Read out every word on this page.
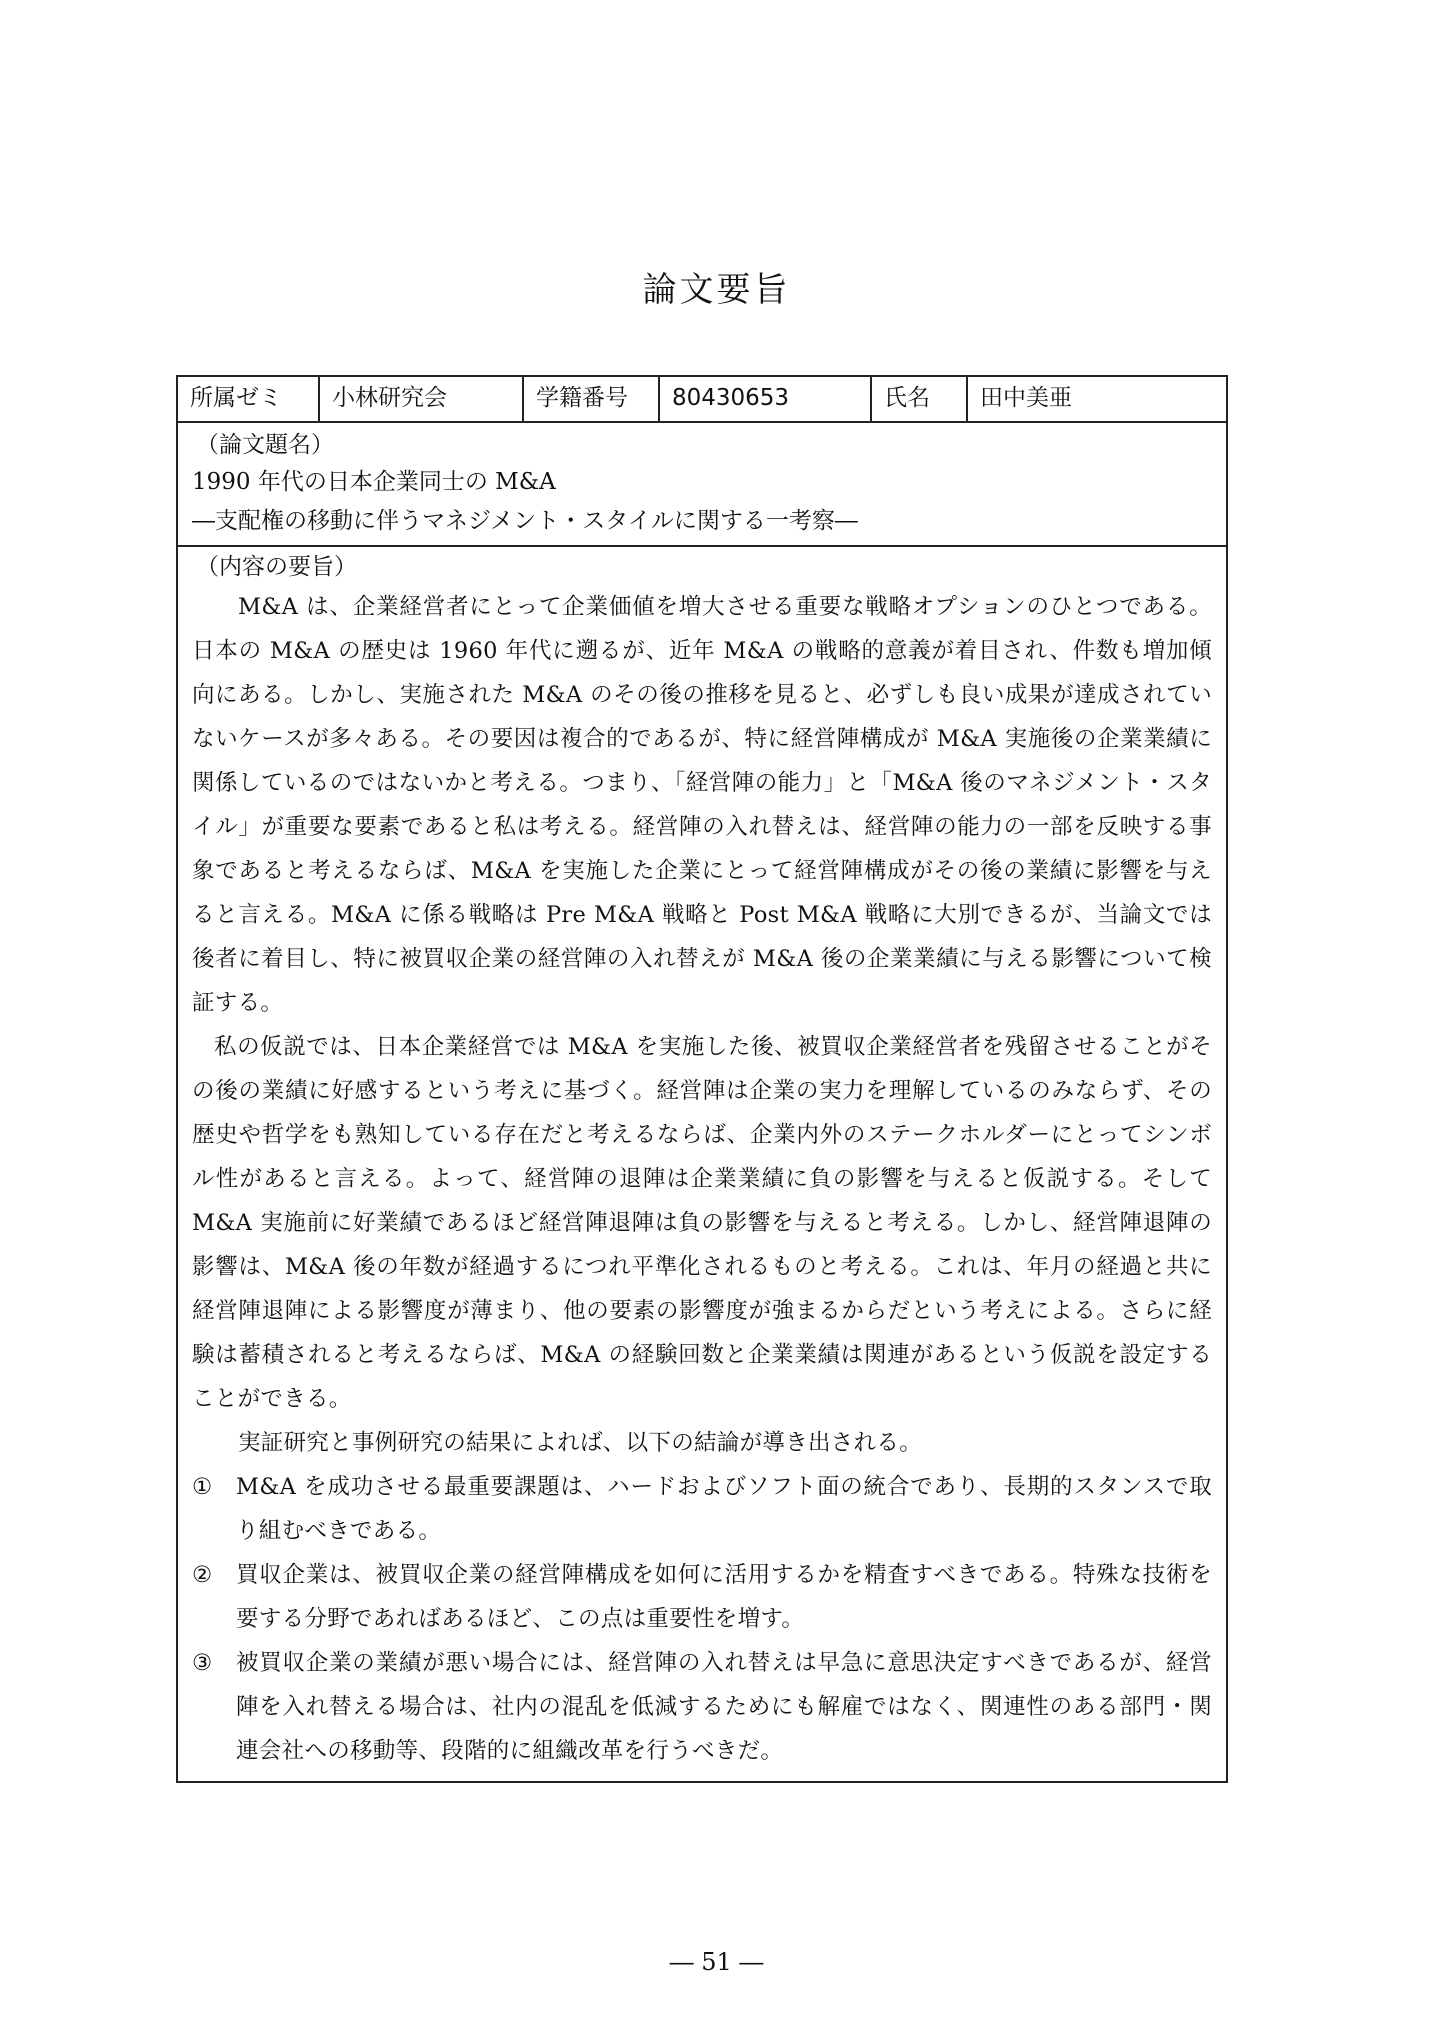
論文要旨
所属ゼミ	小林研究会	学籍番号	80430653	氏名	田中美亜
（論文題名）
1990 年代の日本企業同士の M&A
―支配権の移動に伴うマネジメント・スタイルに関する一考察―
（内容の要旨）

M&A は、企業経営者にとって企業価値を増大させる重要な戦略オプションのひとつである。日本の M&A の歴史は 1960 年代に遡るが、近年 M&A の戦略的意義が着目され、件数も増加傾向にある。しかし、実施された M&A のその後の推移を見ると、必ずしも良い成果が達成されていないケースが多々ある。その要因は複合的であるが、特に経営陣構成が M&A 実施後の企業業績に関係しているのではないかと考える。つまり、「経営陣の能力」と「M&A 後のマネジメント・スタイル」が重要な要素であると私は考える。経営陣の入れ替えは、経営陣の能力の一部を反映する事象であると考えるならば、M&A を実施した企業にとって経営陣構成がその後の業績に影響を与えると言える。M&A に係る戦略は Pre M&A 戦略と Post M&A 戦略に大別できるが、当論文では後者に着目し、特に被買収企業の経営陣の入れ替えが M&A 後の企業業績に与える影響について検証する。

私の仮説では、日本企業経営では M&A を実施した後、被買収企業経営者を残留させることがその後の業績に好感するという考えに基づく。経営陣は企業の実力を理解しているのみならず、その歴史や哲学をも熟知している存在だと考えるならば、企業内外のステークホルダーにとってシンボル性があると言える。よって、経営陣の退陣は企業業績に負の影響を与えると仮説する。そして M&A 実施前に好業績であるほど経営陣退陣は負の影響を与えると考える。しかし、経営陣退陣の影響は、M&A 後の年数が経過するにつれ平準化されるものと考える。これは、年月の経過と共に経営陣退陣による影響度が薄まり、他の要素の影響度が強まるからだという考えによる。さらに経験は蓄積されると考えるならば、M&A の経験回数と企業業績は関連があるという仮説を設定することができる。

実証研究と事例研究の結果によれば、以下の結論が導き出される。

①	M&A を成功させる最重要課題は、ハードおよびソフト面の統合であり、長期的スタンスで取り組むべきである。
②	買収企業は、被買収企業の経営陣構成を如何に活用するかを精査すべきである。特殊な技術を要する分野であればあるほど、この点は重要性を増す。
③	被買収企業の業績が悪い場合には、経営陣の入れ替えは早急に意思決定すべきであるが、経営陣を入れ替える場合は、社内の混乱を低減するためにも解雇ではなく、関連性のある部門・関連会社への移動等、段階的に組織改革を行うべきだ。
― 51 ―
